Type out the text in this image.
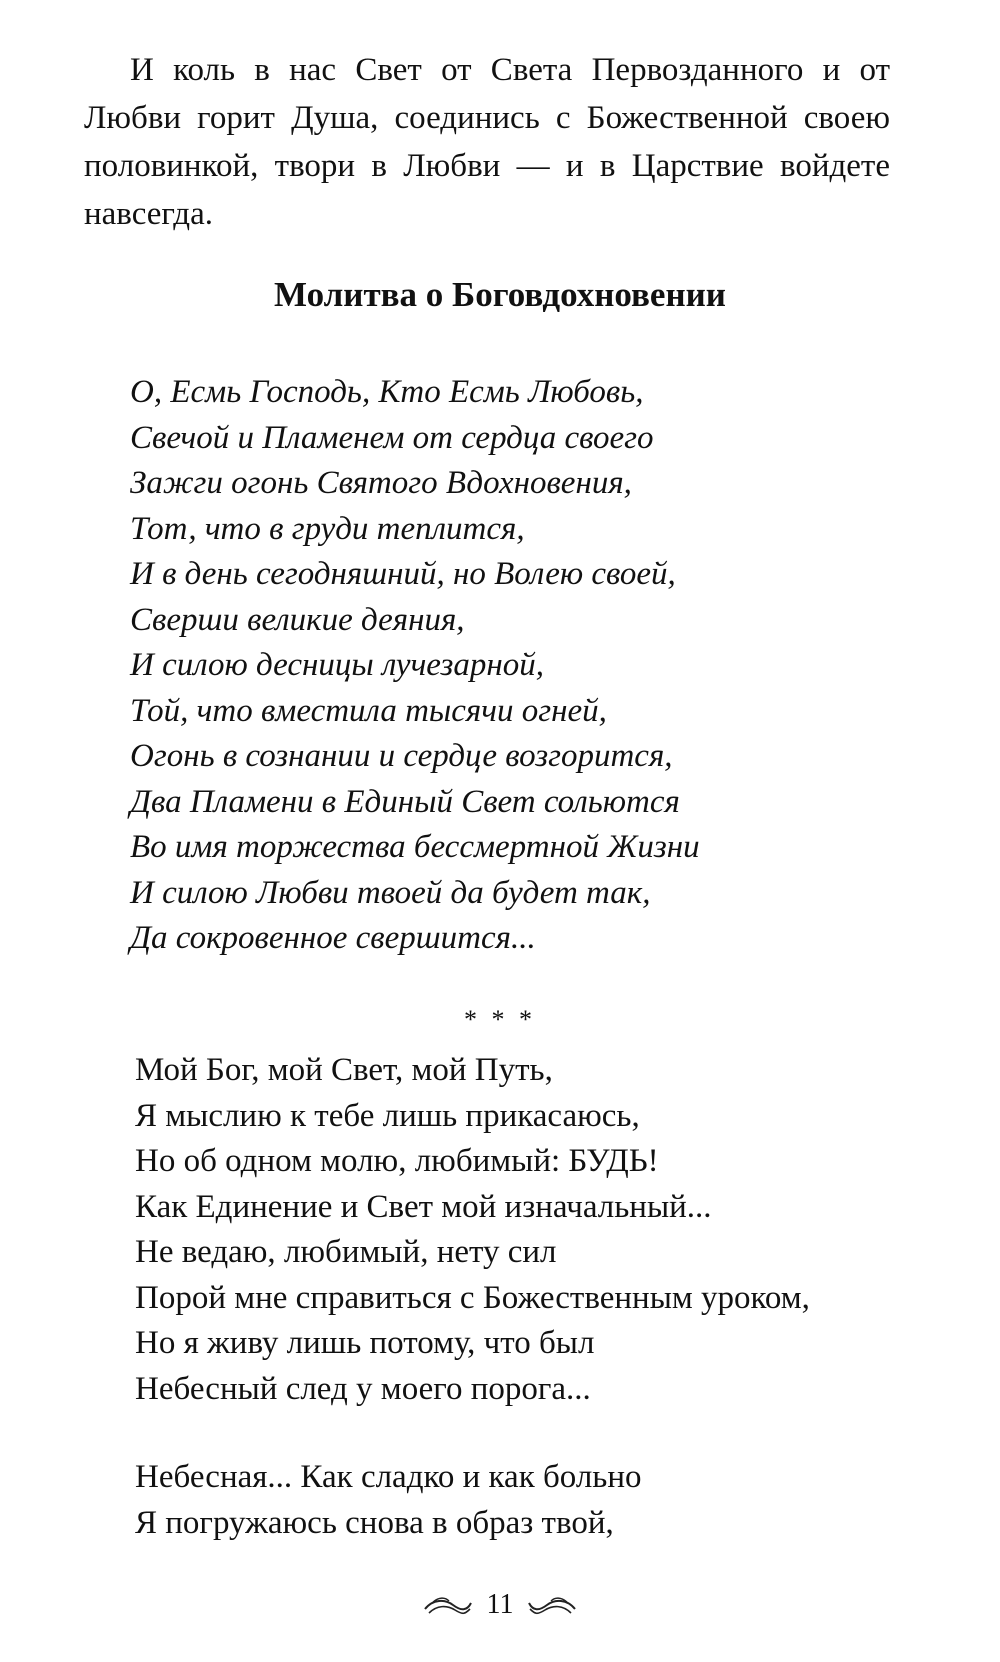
И коль в нас Свет от Света Первозданного и от
Любви горит Душа, соединись с Божественной своею
половинкой, твори в Любви — и в Царствие войдете
навсегда.

Молитва о Боговдохновении
О, Есмь Господь, Кто Есмь Любовь,
Свечой и Пламенем от сердца своего
Зажги огонь Святого Вдохновения,
Тот, что в груди теплится,
И в день сегодняшний, но Волею своей,
Сверши великие деяния,
И силою десницы лучезарной,
Той, что вместила тысячи огней,
Огонь в сознании и сердце возгорится,
Два Пламени в Единый Свет сольются
Во имя торжества бессмертной Жизни
И силою Любви твоей да будет так,
Да сокровенное свершится...
* * *
Мой Бог, мой Свет, мой Путь,
Я мыслию к тебе лишь прикасаюсь,
Но об одном молю, любимый: БУДЬ!
Как Единение и Свет мой изначальный...
Не ведаю, любимый, нету сил
Порой мне справиться с Божественным уроком,
Но я живу лишь потому, что был
Небесный след у моего порога...
Небесная... Как сладко и как больно
Я погружаюсь снова в образ твой,
11
